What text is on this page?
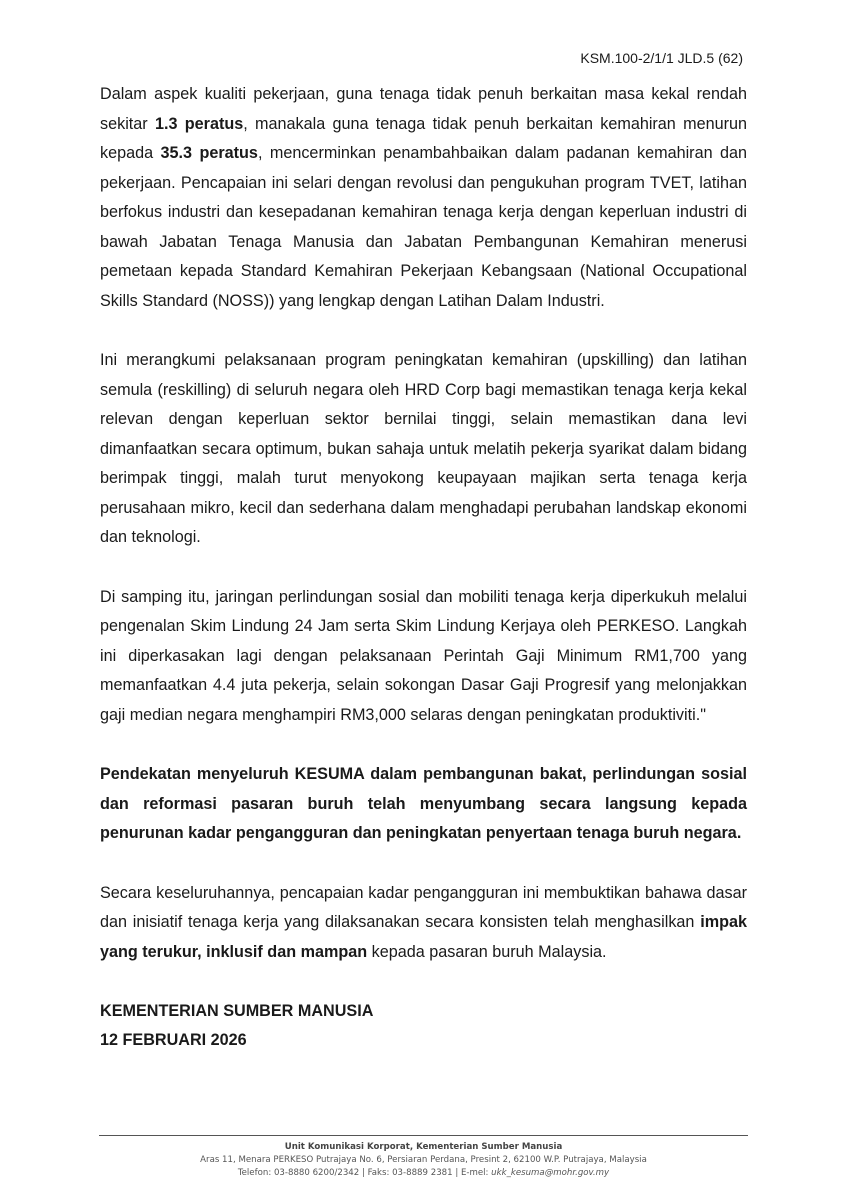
KSM.100-2/1/1 JLD.5 (62)

Dalam aspek kualiti pekerjaan, guna tenaga tidak penuh berkaitan masa kekal rendah sekitar 1.3 peratus, manakala guna tenaga tidak penuh berkaitan kemahiran menurun kepada 35.3 peratus, mencerminkan penambahbaikan dalam padanan kemahiran dan pekerjaan. Pencapaian ini selari dengan revolusi dan pengukuhan program TVET, latihan berfokus industri dan kesepadanan kemahiran tenaga kerja dengan keperluan industri di bawah Jabatan Tenaga Manusia dan Jabatan Pembangunan Kemahiran menerusi pemetaan kepada Standard Kemahiran Pekerjaan Kebangsaan (National Occupational Skills Standard (NOSS)) yang lengkap dengan Latihan Dalam Industri.

Ini merangkumi pelaksanaan program peningkatan kemahiran (upskilling) dan latihan semula (reskilling) di seluruh negara oleh HRD Corp bagi memastikan tenaga kerja kekal relevan dengan keperluan sektor bernilai tinggi, selain memastikan dana levi dimanfaatkan secara optimum, bukan sahaja untuk melatih pekerja syarikat dalam bidang berimpak tinggi, malah turut menyokong keupayaan majikan serta tenaga kerja perusahaan mikro, kecil dan sederhana dalam menghadapi perubahan landskap ekonomi dan teknologi.

Di samping itu, jaringan perlindungan sosial dan mobiliti tenaga kerja diperkukuh melalui pengenalan Skim Lindung 24 Jam serta Skim Lindung Kerjaya oleh PERKESO. Langkah ini diperkasakan lagi dengan pelaksanaan Perintah Gaji Minimum RM1,700 yang memanfaatkan 4.4 juta pekerja, selain sokongan Dasar Gaji Progresif yang melonjakkan gaji median negara menghampiri RM3,000 selaras dengan peningkatan produktiviti."

Pendekatan menyeluruh KESUMA dalam pembangunan bakat, perlindungan sosial dan reformasi pasaran buruh telah menyumbang secara langsung kepada penurunan kadar pengangguran dan peningkatan penyertaan tenaga buruh negara.

Secara keseluruhannya, pencapaian kadar pengangguran ini membuktikan bahawa dasar dan inisiatif tenaga kerja yang dilaksanakan secara konsisten telah menghasilkan impak yang terukur, inklusif dan mampan kepada pasaran buruh Malaysia.

KEMENTERIAN SUMBER MANUSIA
12 FEBRUARI 2026
Unit Komunikasi Korporat, Kementerian Sumber Manusia
Aras 11, Menara PERKESO Putrajaya No. 6, Persiaran Perdana, Presint 2, 62100 W.P. Putrajaya, Malaysia
Telefon: 03-8880 6200/2342 | Faks: 03-8889 2381 | E-mel: ukk_kesuma@mohr.gov.my
